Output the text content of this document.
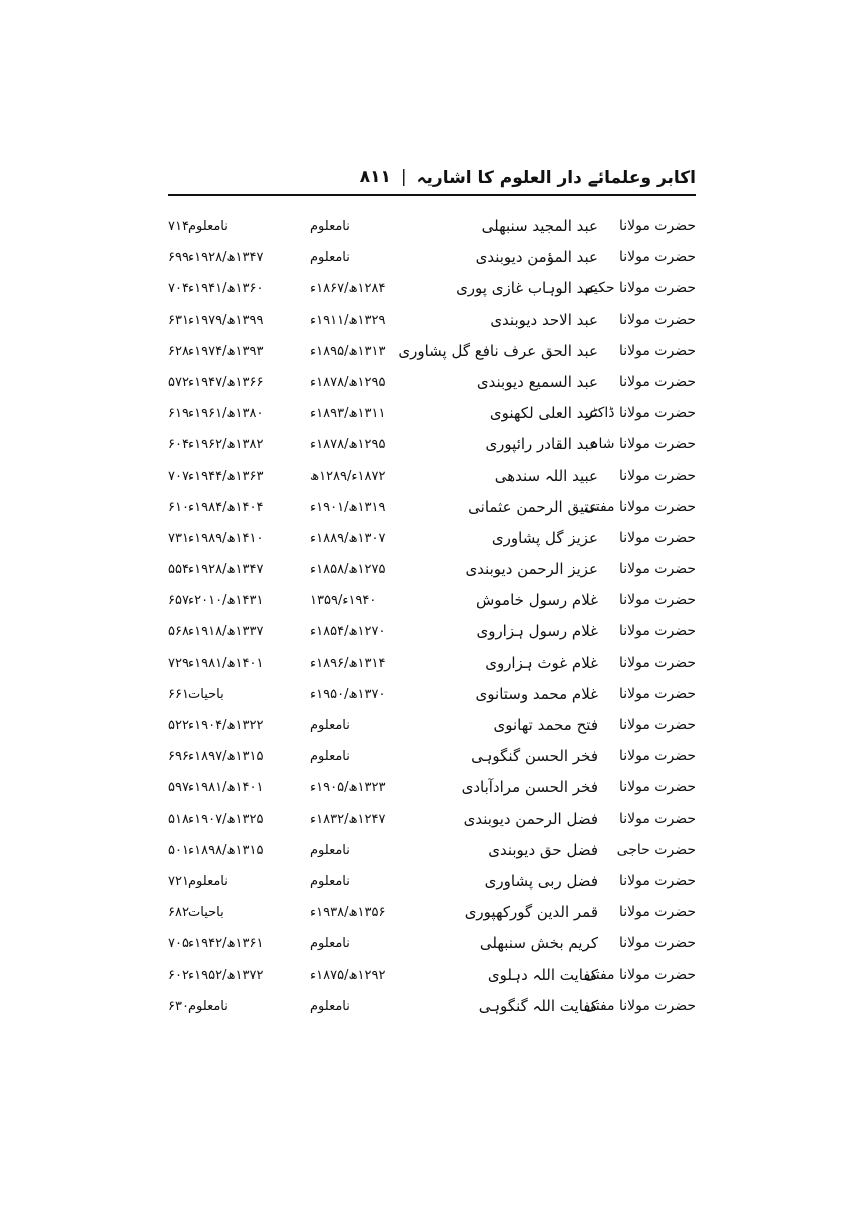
اکابر وعلمائے دار العلوم کا اشاریہ
|
۸۱۱
حضرت مولانا
عبد المجید سنبھلی
نامعلوم
نامعلوم
۷۱۴
حضرت مولانا
عبد المؤمن دیوبندی
نامعلوم
۱۳۴۷ھ/۱۹۲۸ء
۶۹۹
حضرت مولانا حکیم
عبد الوہاب غازی پوری
۱۲۸۴ھ/۱۸۶۷ء
۱۳۶۰ھ/۱۹۴۱ء
۷۰۴
حضرت مولانا
عبد الاحد دیوبندی
۱۳۲۹ھ/۱۹۱۱ء
۱۳۹۹ھ/۱۹۷۹ء
۶۳۱
حضرت مولانا
عبد الحق عرف نافع گل پشاوری
۱۳۱۳ھ/۱۸۹۵ء
۱۳۹۳ھ/۱۹۷۴ء
۶۲۸
حضرت مولانا
عبد السمیع دیوبندی
۱۲۹۵ھ/۱۸۷۸ء
۱۳۶۶ھ/۱۹۴۷ء
۵۷۲
حضرت مولانا ڈاکٹر
عبد العلی لکھنوی
۱۳۱۱ھ/۱۸۹۳ء
۱۳۸۰ھ/۱۹۶۱ء
۶۱۹
حضرت مولانا شاہ
عبد القادر رائپوری
۱۲۹۵ھ/۱۸۷۸ء
۱۳۸۲ھ/۱۹۶۲ء
۶۰۴
حضرت مولانا
عبید اللہ سندھی
۱۸۷۲ء/۱۲۸۹ھ
۱۳۶۳ھ/۱۹۴۴ء
۷۰۷
حضرت مولانا مفتی
عتیق الرحمن عثمانی
۱۳۱۹ھ/۱۹۰۱ء
۱۴۰۴ھ/۱۹۸۴ء
۶۱۰
حضرت مولانا
عزیز گل پشاوری
۱۳۰۷ھ/۱۸۸۹ء
۱۴۱۰ھ/۱۹۸۹ء
۷۳۱
حضرت مولانا
عزیز الرحمن دیوبندی
۱۲۷۵ھ/۱۸۵۸ء
۱۳۴۷ھ/۱۹۲۸ء
۵۵۴
حضرت مولانا
غلام رسول خاموش
۱۹۴۰ء/۱۳۵۹
۱۴۳۱ھ/۲۰۱۰ء
۶۵۷
حضرت مولانا
غلام رسول ہزاروی
۱۲۷۰ھ/۱۸۵۴ء
۱۳۳۷ھ/۱۹۱۸ء
۵۶۸
حضرت مولانا
غلام غوث ہزاروی
۱۳۱۴ھ/۱۸۹۶ء
۱۴۰۱ھ/۱۹۸۱ء
۷۲۹
حضرت مولانا
غلام محمد وستانوی
۱۳۷۰ھ/۱۹۵۰ء
باحیات
۶۶۱
حضرت مولانا
فتح محمد تھانوی
نامعلوم
۱۳۲۲ھ/۱۹۰۴ء
۵۲۲
حضرت مولانا
فخر الحسن گنگوہی
نامعلوم
۱۳۱۵ھ/۱۸۹۷ء
۶۹۶
حضرت مولانا
فخر الحسن مرادآبادی
۱۳۲۳ھ/۱۹۰۵ء
۱۴۰۱ھ/۱۹۸۱ء
۵۹۷
حضرت مولانا
فضل الرحمن دیوبندی
۱۲۴۷ھ/۱۸۳۲ء
۱۳۲۵ھ/۱۹۰۷ء
۵۱۸
حضرت حاجی
فضل حق دیوبندی
نامعلوم
۱۳۱۵ھ/۱۸۹۸ء
۵۰۱
حضرت مولانا
فضل ربی پشاوری
نامعلوم
نامعلوم
۷۲۱
حضرت مولانا
قمر الدین گورکھپوری
۱۳۵۶ھ/۱۹۳۸ء
باحیات
۶۸۲
حضرت مولانا
کریم بخش سنبھلی
نامعلوم
۱۳۶۱ھ/۱۹۴۲ء
۷۰۵
حضرت مولانا مفتی
کفایت اللہ دہلوی
۱۲۹۲ھ/۱۸۷۵ء
۱۳۷۲ھ/۱۹۵۲ء
۶۰۲
حضرت مولانا مفتی
کفایت اللہ گنگوہی
نامعلوم
نامعلوم
۶۳۰
